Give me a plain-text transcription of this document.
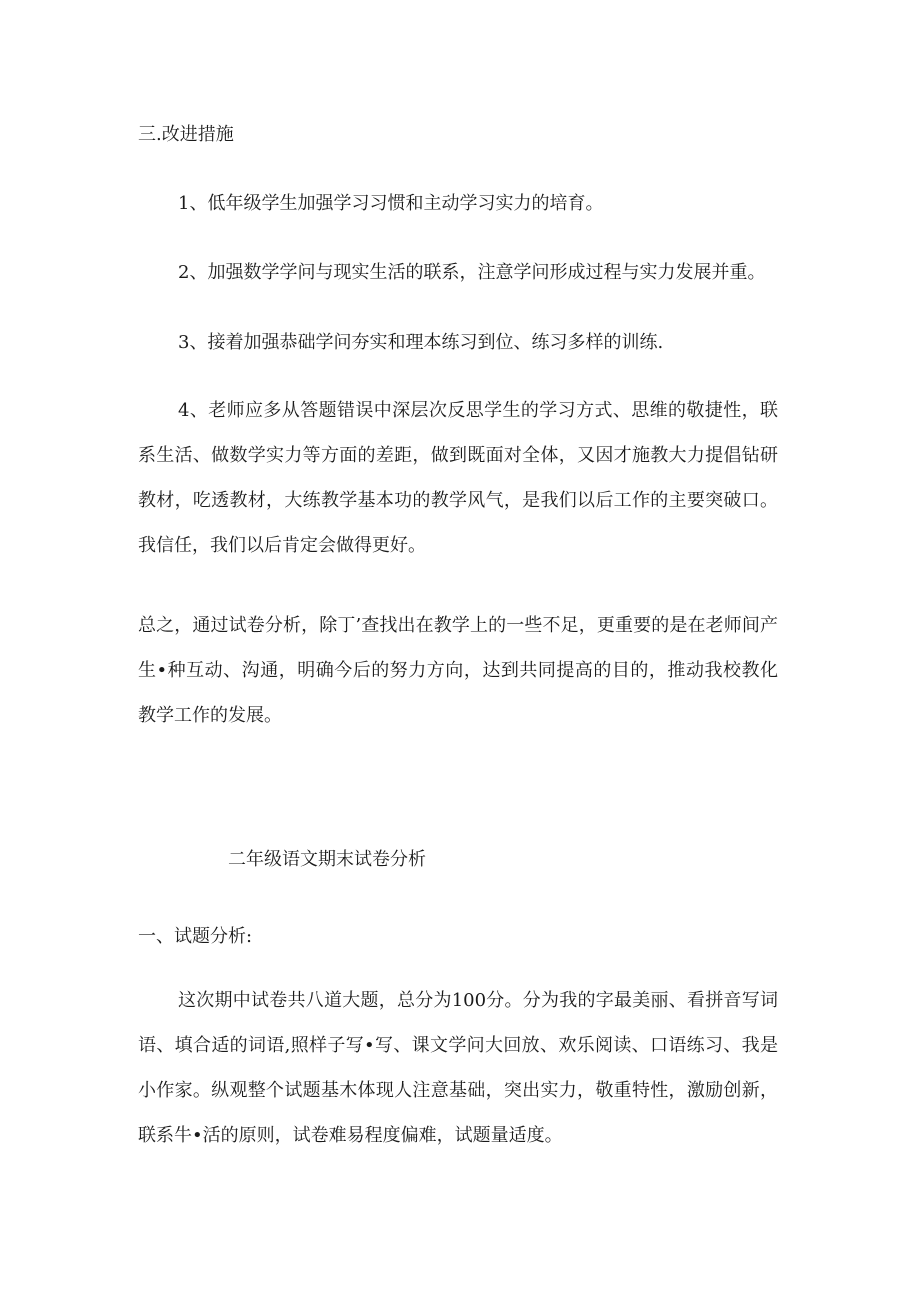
三.改进措施

1、低年级学生加强学习习惯和主动学习实力的培育。

2、加强数学学问与现实生活的联系，注意学问形成过程与实力发展并重。

3、接着加强恭础学问夯实和理本练习到位、练习多样的训练.

4、老师应多从答题错误中深层次反思学生的学习方式、思维的敬捷性，联系生活、做数学实力等方面的差距，做到既面对全体，又因才施教大力提倡钻研教材，吃透教材，大练教学基本功的教学风气，是我们以后工作的主要突破口。我信任，我们以后肯定会做得更好。

总之，通过试卷分析，除丁’查找出在教学上的一些不足，更重要的是在老师间产生•种互动、沟通，明确今后的努力方向，达到共同提高的目的，推动我校教化教学工作的发展。

二年级语文期末试卷分析

一、试题分析:

这次期中试卷共八道大题，总分为100分。分为我的字最美丽、看拼音写词语、填合适的词语,照样子写•写、课文学问大回放、欢乐阅读、口语练习、我是小作家。纵观整个试题基木体现人注意基础，突出实力，敬重特性，激励创新，联系牛•活的原则，试卷难易程度偏难，试题量适度。
